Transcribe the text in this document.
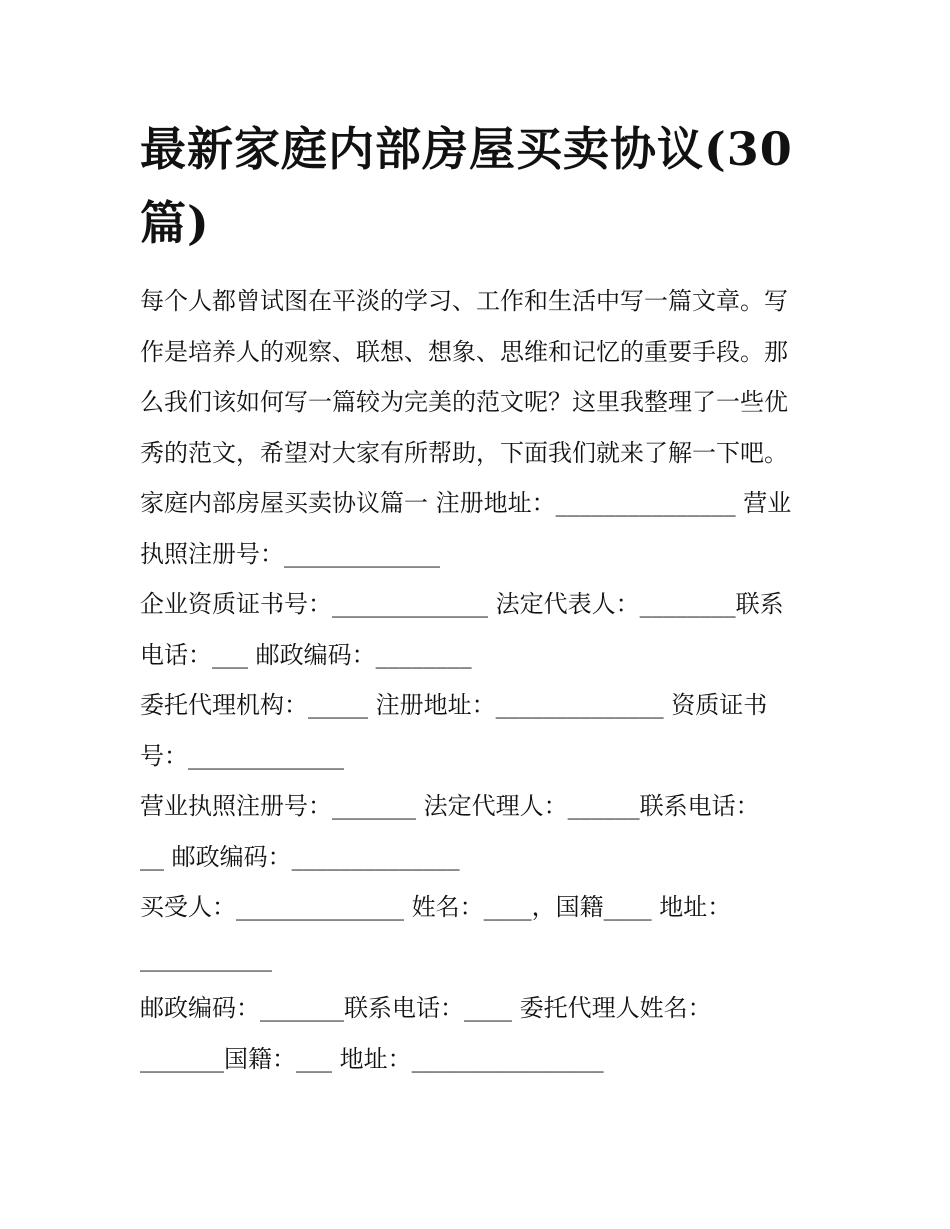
最新家庭内部房屋买卖协议(30
篇)
每个人都曾试图在平淡的学习、工作和生活中写一篇文章。写
作是培养人的观察、联想、想象、思维和记忆的重要手段。那
么我们该如何写一篇较为完美的范文呢？这里我整理了一些优
秀的范文，希望对大家有所帮助，下面我们就来了解一下吧。
家庭内部房屋买卖协议篇一 注册地址：_______________ 营业
执照注册号：_____________
企业资质证书号：_____________ 法定代表人：________联系
电话：___ 邮政编码：________
委托代理机构：_____ 注册地址：______________ 资质证书
号：_____________
营业执照注册号：_______ 法定代理人：______联系电话：
__ 邮政编码：______________
买受人：______________ 姓名：____，国籍____ 地址：
___________
邮政编码：_______联系电话：____ 委托代理人姓名：
_______国籍：___ 地址：________________
